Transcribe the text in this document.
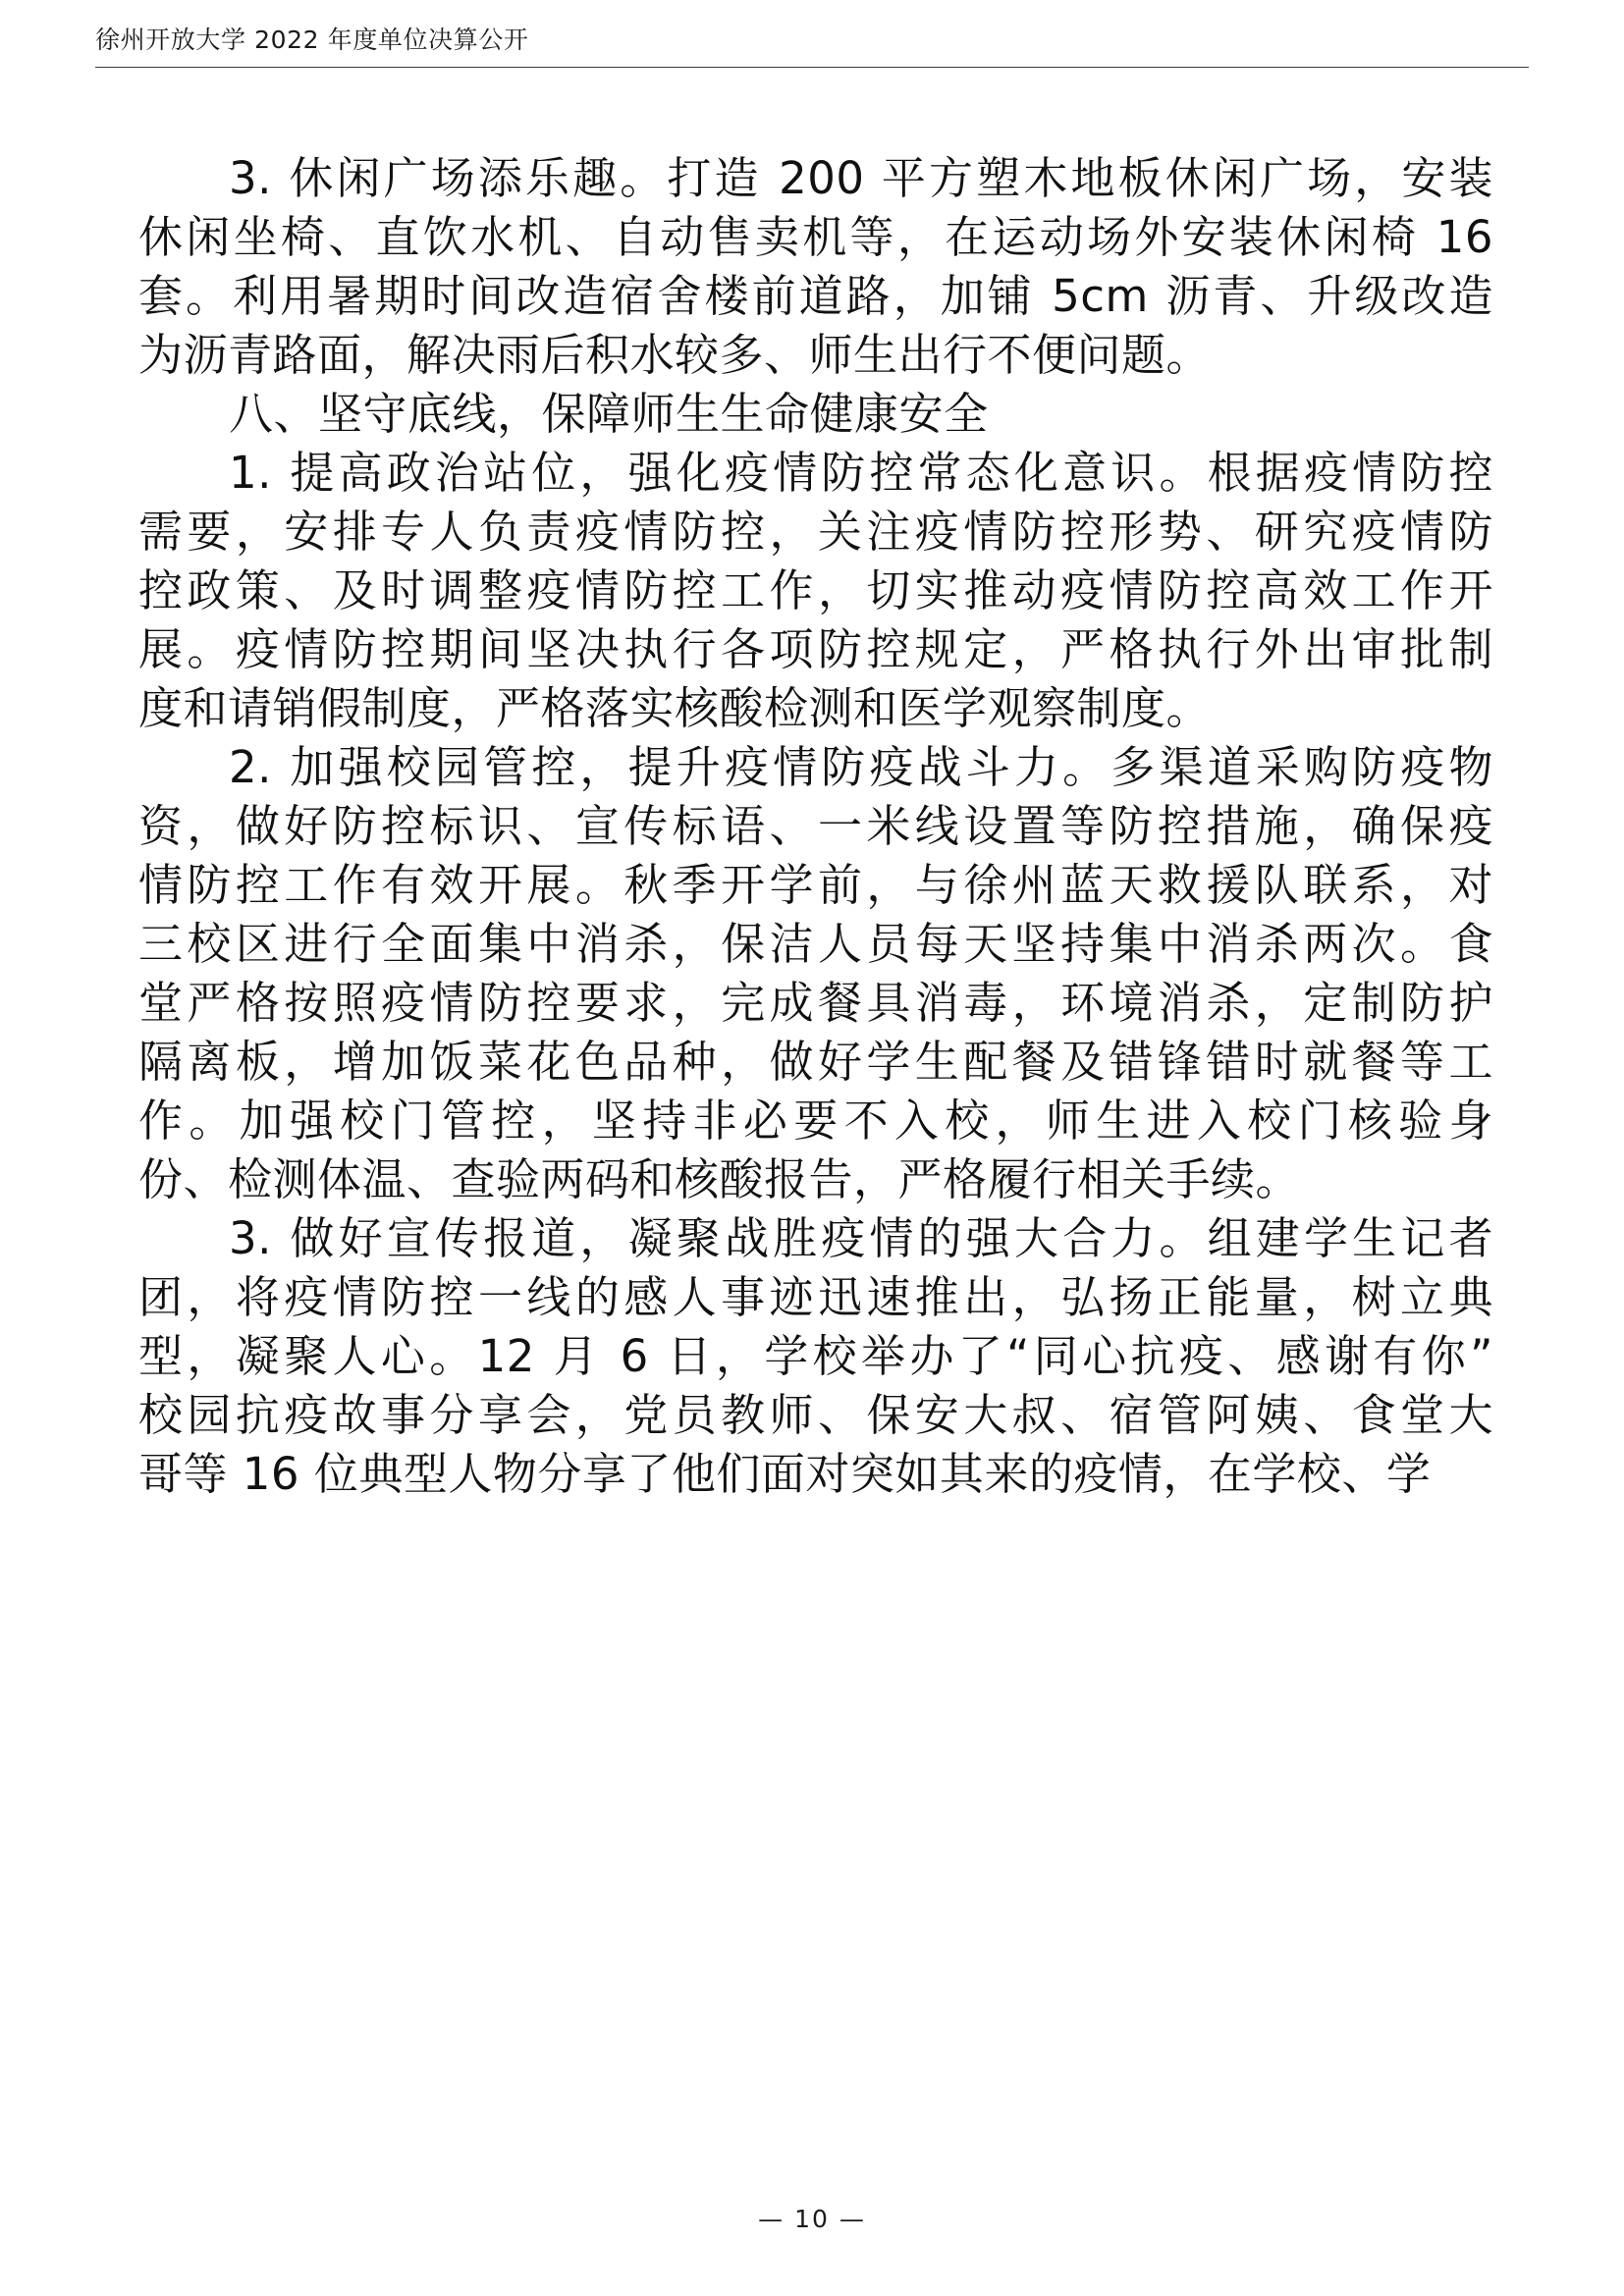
徐州开放大学 2022 年度单位决算公开
3. 休闲广场添乐趣。打造 200 平方塑木地板休闲广场，安装
休闲坐椅、直饮水机、自动售卖机等，在运动场外安装休闲椅 16
套。利用暑期时间改造宿舍楼前道路，加铺 5cm 沥青、升级改造
为沥青路面，解决雨后积水较多、师生出行不便问题。
八、坚守底线，保障师生生命健康安全
1. 提高政治站位，强化疫情防控常态化意识。根据疫情防控
需要，安排专人负责疫情防控，关注疫情防控形势、研究疫情防
控政策、及时调整疫情防控工作，切实推动疫情防控高效工作开
展。疫情防控期间坚决执行各项防控规定，严格执行外出审批制
度和请销假制度，严格落实核酸检测和医学观察制度。
2. 加强校园管控，提升疫情防疫战斗力。多渠道采购防疫物
资，做好防控标识、宣传标语、一米线设置等防控措施，确保疫
情防控工作有效开展。秋季开学前，与徐州蓝天救援队联系，对
三校区进行全面集中消杀，保洁人员每天坚持集中消杀两次。食
堂严格按照疫情防控要求，完成餐具消毒，环境消杀，定制防护
隔离板，增加饭菜花色品种，做好学生配餐及错锋错时就餐等工
作。加强校门管控，坚持非必要不入校，师生进入校门核验身
份、检测体温、查验两码和核酸报告，严格履行相关手续。
3. 做好宣传报道，凝聚战胜疫情的强大合力。组建学生记者
团，将疫情防控一线的感人事迹迅速推出，弘扬正能量，树立典
型，凝聚人心。12 月 6 日，学校举办了“同心抗疫、感谢有你”
校园抗疫故事分享会，党员教师、保安大叔、宿管阿姨、食堂大
哥等 16 位典型人物分享了他们面对突如其来的疫情，在学校、学
— 10 —
